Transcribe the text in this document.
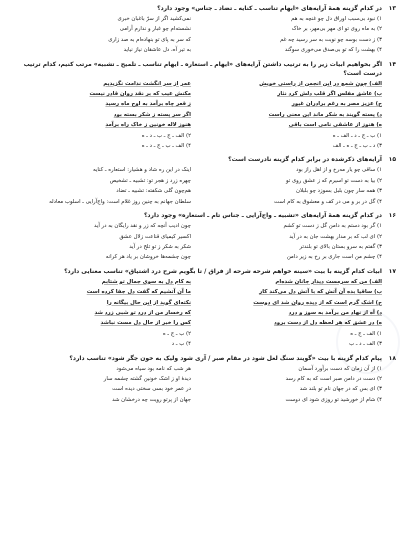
۱۳
در کدام گزینه همهٔ آرایه‌های «ایهام تناسب ـ کنایه ـ تضاد ـ جناس» وجود دارد؟
۱) نبود بی‌سبب اوراق دل چو غنچه به هم
نمی‌کشید اگر از سرّ باغبان خبری
۲) به ماه روی تو ای مهر بی‌مهر، بر خاک
نشسته‌ام چو غبار و ندارم آرامی
۳) ز دست بوسه چو نوبت به سر رسید چه غم
که سر به پای تو بنهاده‌ام به صد زاری
۴) بهشت را که تو بی‌صدق می‌خوری سوگند
به تیر آه، دل عاشقان نیاز نیاید
۱۴
اگر بخواهیم ابیات زیر را به ترتیب داشتن آرایه‌های «ایهام ـ استعاره ـ ایهام تناسب ـ تلمیح ـ تشبیه» مرتب کنیم، کدام ترتیب درست است؟
الف) چون شمع در این انجمن از راستی خویش
عمر از سر انگشت ندامت نگزیدیم
ب) عاشق مفلس اگر قلب دلش کرد نثار
مکنش عیب که بر نقد روان قادر نیست
ج) عزیز مصر به رغم برادران غیور
ز قعر چاه برآمد به اوج ماه رسید
د) پسته گویند به شکر ماند این معنی راست
اگر سر پسته ز شکر بسته بود
ه) هنوز از عاشقی نامی است باقی
هنوز لاله خونین ز خاک راه برآمد
۱) ب ـ ج ـ د ـ الف ـ ه
۲) الف ـ ج ـ ب ـ د ـ ه
۳) د ـ ب ـ ج ـ ه ـ الف
۴) الف ـ ب ـ ج ـ د ـ ه
۱۵
آرایه‌های ذکرشده در برابر کدام گزینه نادرست است؟
۱) ساقی چو یار مه‌رخ و از اهل راز بود
اینک در این ره شاد و هشیار: استعاره ـ کنایه
۲) بیا به دست تو اسیرم که ز عشق روی تو
چهره زرد ز هجر تو: تشبیه ـ تشخیص
۳) همه سار چون بلبل بسوزد چو بلبلان
هم‌چون گلی شکفته: تشبیه ـ تضاد
۴) گل در بر و می در کف و معشوق به کام است
سلطان جهانم به چنین روز غلام است: واج‌آرایی ـ اسلوب معادله
۱۶
در کدام گزینه همهٔ آرایه‌های «تشبیه ـ واج‌آرایی ـ جناس تام ـ استعاره» وجود دارد؟
۱) گر بود دستم به دامن گل ز دست تو کشم
چون ادیب آنچه که زر و نقد رایگان به در آید
۲) ای لب که بر مدار بهشت جان به در آید
اکسیر کیمیای قناعت زلال عشق
۳) گفتم به سرو بستان بالای تو بلندتر
شکر به شکر ز تو تلخ در آید
۴) چشم من است جاری بر رخ به زیر دامن
چون چشمه‌ها خروشان بر یاد هر کرانه
۱۷
ابیات کدام گزینه با بیت «سینه خواهم شرحه شرحه از فراق / تا بگویم شرح درد اشتیاق» تناسب معنایی دارد؟
الف) من که سرمست دیدار جانان شده‌ام
به کام دل به سوی جمال تو شتابم
ب) ساقیا بده آن آتش که با آتش دل می‌کند کار
ما آن آتشیم که گفت دل جفا کرده است
ج) اشک گرم است که از دیده روان شد ای دوست
نکته‌ای گوید از این حال بیگانه را
د) آه از نهاد من برآمد به سوز و درد
که رخسار من از درد تو شبی زرد شد
ه) در عشق که هر لحظه دل از دست برود
کس را خبر از حال دل مست نباشد
۱) الف ـ ج ـ ه
۲) ب ـ ج ـ ه
۳) الف ـ د ـ ب
۴) ب ـ د
۱۸
پیام کدام گزینه با بیت «گویند سنگ لعل شود در مقام صبر / آری شود ولیک به خون جگر شود» تناسب دارد؟
۱) از آن زمان که دست برآورد آسمان
هر شب که نامه بود سیاه می‌شود
۲) دست در دامن صبر است که به کام رسد
دیدهٔ او ز اشک خونین گشته چشمه سار
۳) ای بس که در جهان نام تو بلند شد
در عمر خود بسی سختی دیده است
۴) شام از خورشید تو روزی شود ای دوست
جهان از پرتو رویت چه درخشان شد
